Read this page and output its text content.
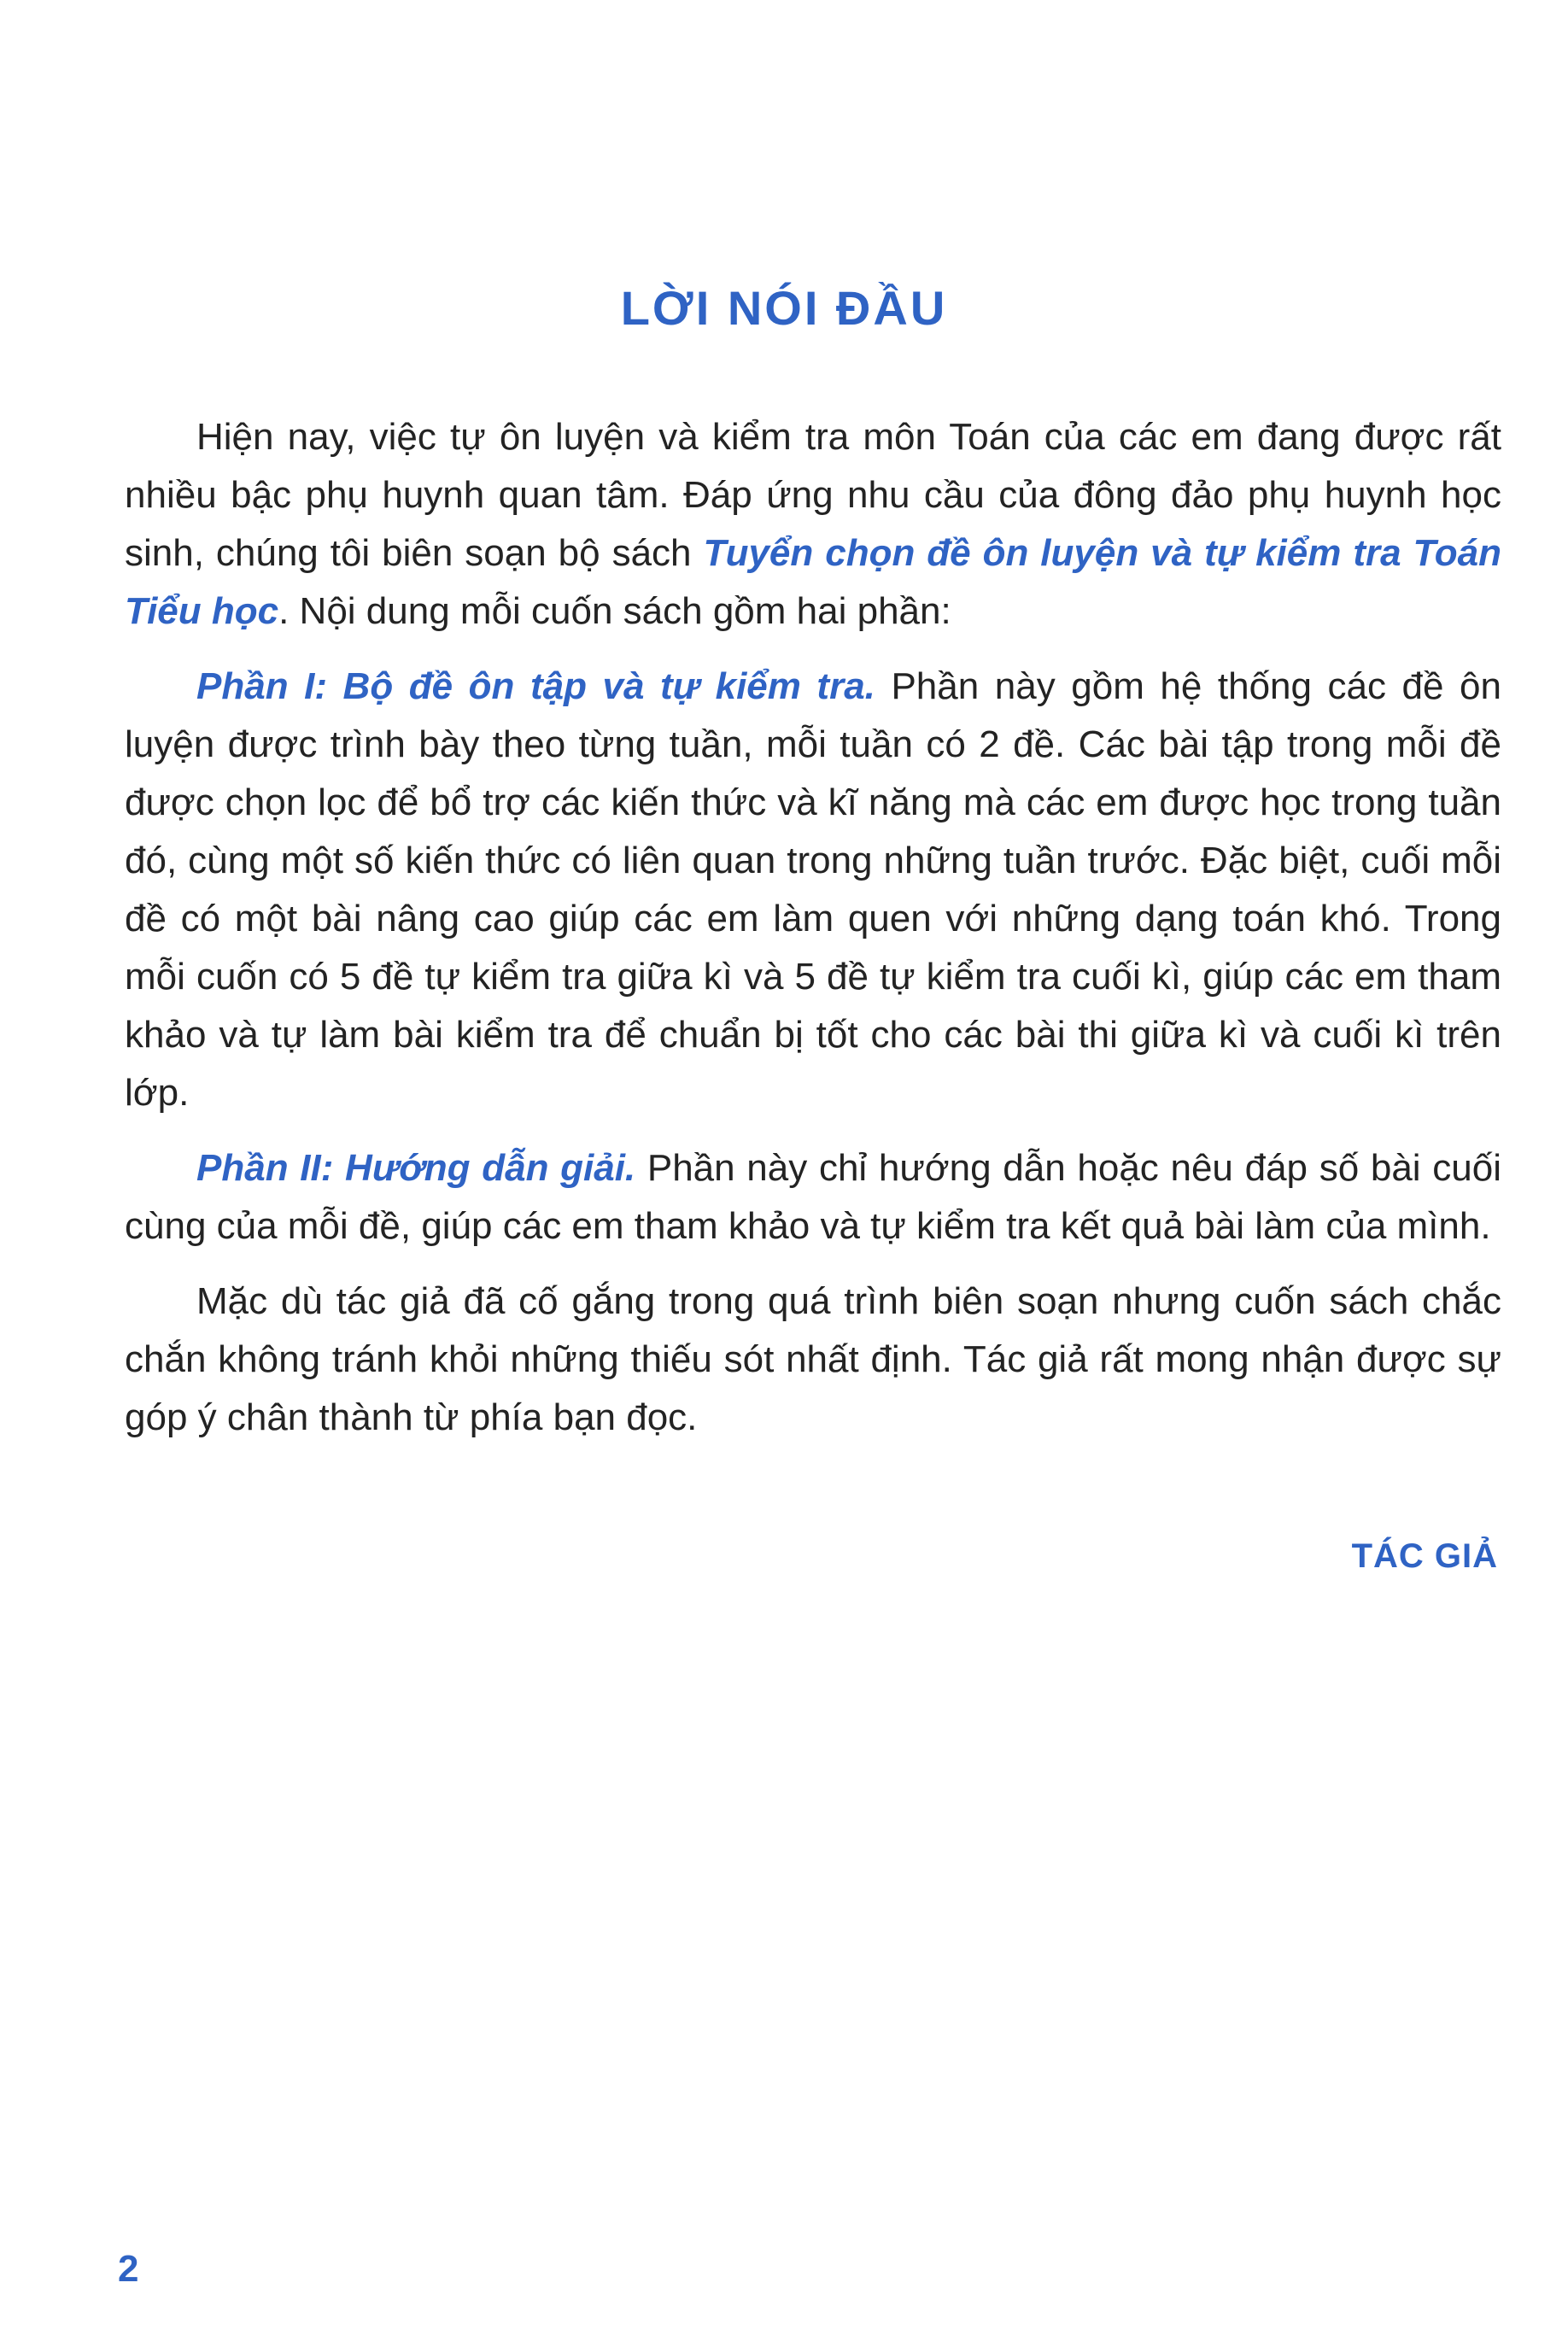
LỜI NÓI ĐẦU

Hiện nay, việc tự ôn luyện và kiểm tra môn Toán của các em đang được rất nhiều bậc phụ huynh quan tâm. Đáp ứng nhu cầu của đông đảo phụ huynh học sinh, chúng tôi biên soạn bộ sách Tuyển chọn đề ôn luyện và tự kiểm tra Toán Tiểu học. Nội dung mỗi cuốn sách gồm hai phần:

Phần I: Bộ đề ôn tập và tự kiểm tra. Phần này gồm hệ thống các đề ôn luyện được trình bày theo từng tuần, mỗi tuần có 2 đề. Các bài tập trong mỗi đề được chọn lọc để bổ trợ các kiến thức và kĩ năng mà các em được học trong tuần đó, cùng một số kiến thức có liên quan trong những tuần trước. Đặc biệt, cuối mỗi đề có một bài nâng cao giúp các em làm quen với những dạng toán khó. Trong mỗi cuốn có 5 đề tự kiểm tra giữa kì và 5 đề tự kiểm tra cuối kì, giúp các em tham khảo và tự làm bài kiểm tra để chuẩn bị tốt cho các bài thi giữa kì và cuối kì trên lớp.

Phần II: Hướng dẫn giải. Phần này chỉ hướng dẫn hoặc nêu đáp số bài cuối cùng của mỗi đề, giúp các em tham khảo và tự kiểm tra kết quả bài làm của mình.

Mặc dù tác giả đã cố gắng trong quá trình biên soạn nhưng cuốn sách chắc chắn không tránh khỏi những thiếu sót nhất định. Tác giả rất mong nhận được sự góp ý chân thành từ phía bạn đọc.

TÁC GIẢ
2
